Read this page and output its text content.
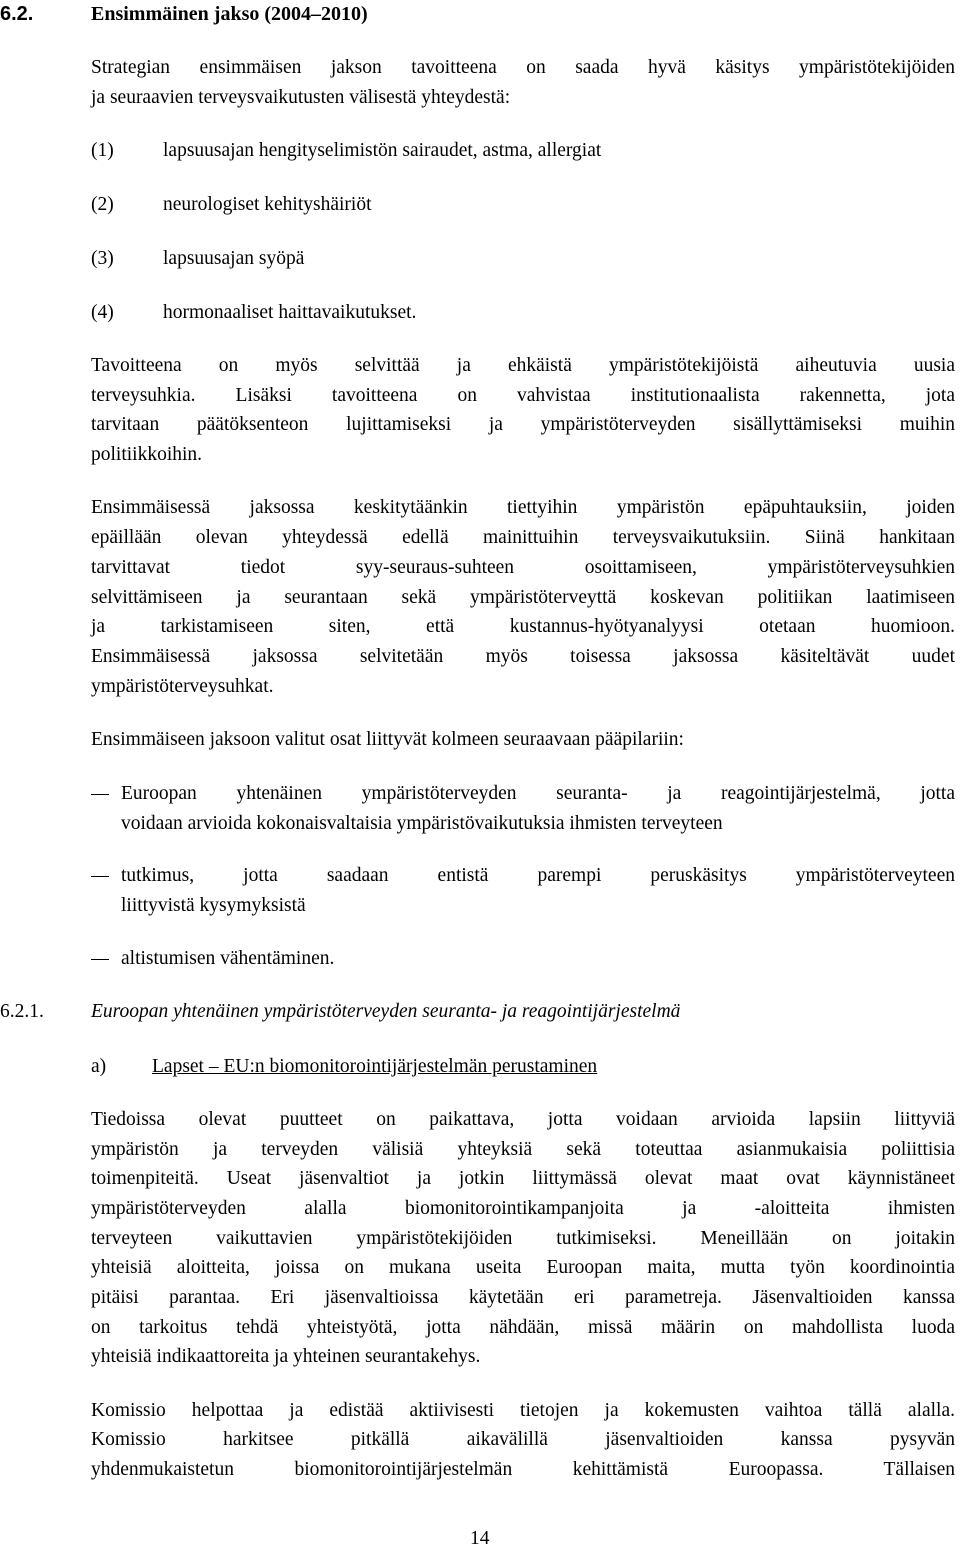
6.2.	Ensimmäinen jakso (2004–2010)
Strategian ensimmäisen jakson tavoitteena on saada hyvä käsitys ympäristötekijöiden
ja seuraavien terveysvaikutusten välisestä yhteydestä:
(1)	lapsuusajan hengityselimistön sairaudet, astma, allergiat
(2)	neurologiset kehityshäiriöt
(3)	lapsuusajan syöpä
(4)	hormonaaliset haittavaikutukset.
Tavoitteena on myös selvittää ja ehkäistä ympäristötekijöistä aiheutuvia uusia
terveysuhkia. Lisäksi tavoitteena on vahvistaa institutionaalista rakennetta, jota
tarvitaan päätöksenteon lujittamiseksi ja ympäristöterveyden sisällyttämiseksi muihin
politiikkoihin.
Ensimmäisessä jaksossa keskitytäänkin tiettyihin ympäristön epäpuhtauksiin, joiden
epäillään olevan yhteydessä edellä mainittuihin terveysvaikutuksiin. Siinä hankitaan
tarvittavat tiedot syy-seuraus-suhteen osoittamiseen, ympäristöterveysuhkien
selvittämiseen ja seurantaan sekä ympäristöterveyttä koskevan politiikan laatimiseen
ja tarkistamiseen siten, että kustannus-hyötyanalyysi otetaan huomioon.
Ensimmäisessä jaksossa selvitetään myös toisessa jaksossa käsiteltävät uudet
ympäristöterveysuhkat.
Ensimmäiseen jaksoon valitut osat liittyvät kolmeen seuraavaan pääpilariin:
Euroopan yhtenäinen ympäristöterveyden seuranta- ja reagointijärjestelmä, jotta
voidaan arvioida kokonaisvaltaisia ympäristövaikutuksia ihmisten terveyteen
tutkimus, jotta saadaan entistä parempi peruskäsitys ympäristöterveyteen
liittyvistä kysymyksistä
altistumisen vähentäminen.
6.2.1. Euroopan yhtenäinen ympäristöterveyden seuranta- ja reagointijärjestelmä
a) Lapset – EU:n biomonitorointijärjestelmän perustaminen
Tiedoissa olevat puutteet on paikattava, jotta voidaan arvioida lapsiin liittyviä
ympäristön ja terveyden välisiä yhteyksiä sekä toteuttaa asianmukaisia poliittisia
toimenpiteitä. Useat jäsenvaltiot ja jotkin liittymässä olevat maat ovat käynnistäneet
ympäristöterveyden alalla biomonitorointikampanjoita ja -aloitteita ihmisten
terveyteen vaikuttavien ympäristötekijöiden tutkimiseksi. Meneillään on joitakin
yhteisiä aloitteita, joissa on mukana useita Euroopan maita, mutta työn koordinointia
pitäisi parantaa. Eri jäsenvaltioissa käytetään eri parametreja. Jäsenvaltioiden kanssa
on tarkoitus tehdä yhteistyötä, jotta nähdään, missä määrin on mahdollista luoda
yhteisiä indikaattoreita ja yhteinen seurantakehys.
Komissio helpottaa ja edistää aktiivisesti tietojen ja kokemusten vaihtoa tällä alalla.
Komissio harkitsee pitkällä aikavälillä jäsenvaltioiden kanssa pysyvän
yhdenmukaistetun biomonitorointijärjestelmän kehittämistä Euroopassa. Tällaisen
14
